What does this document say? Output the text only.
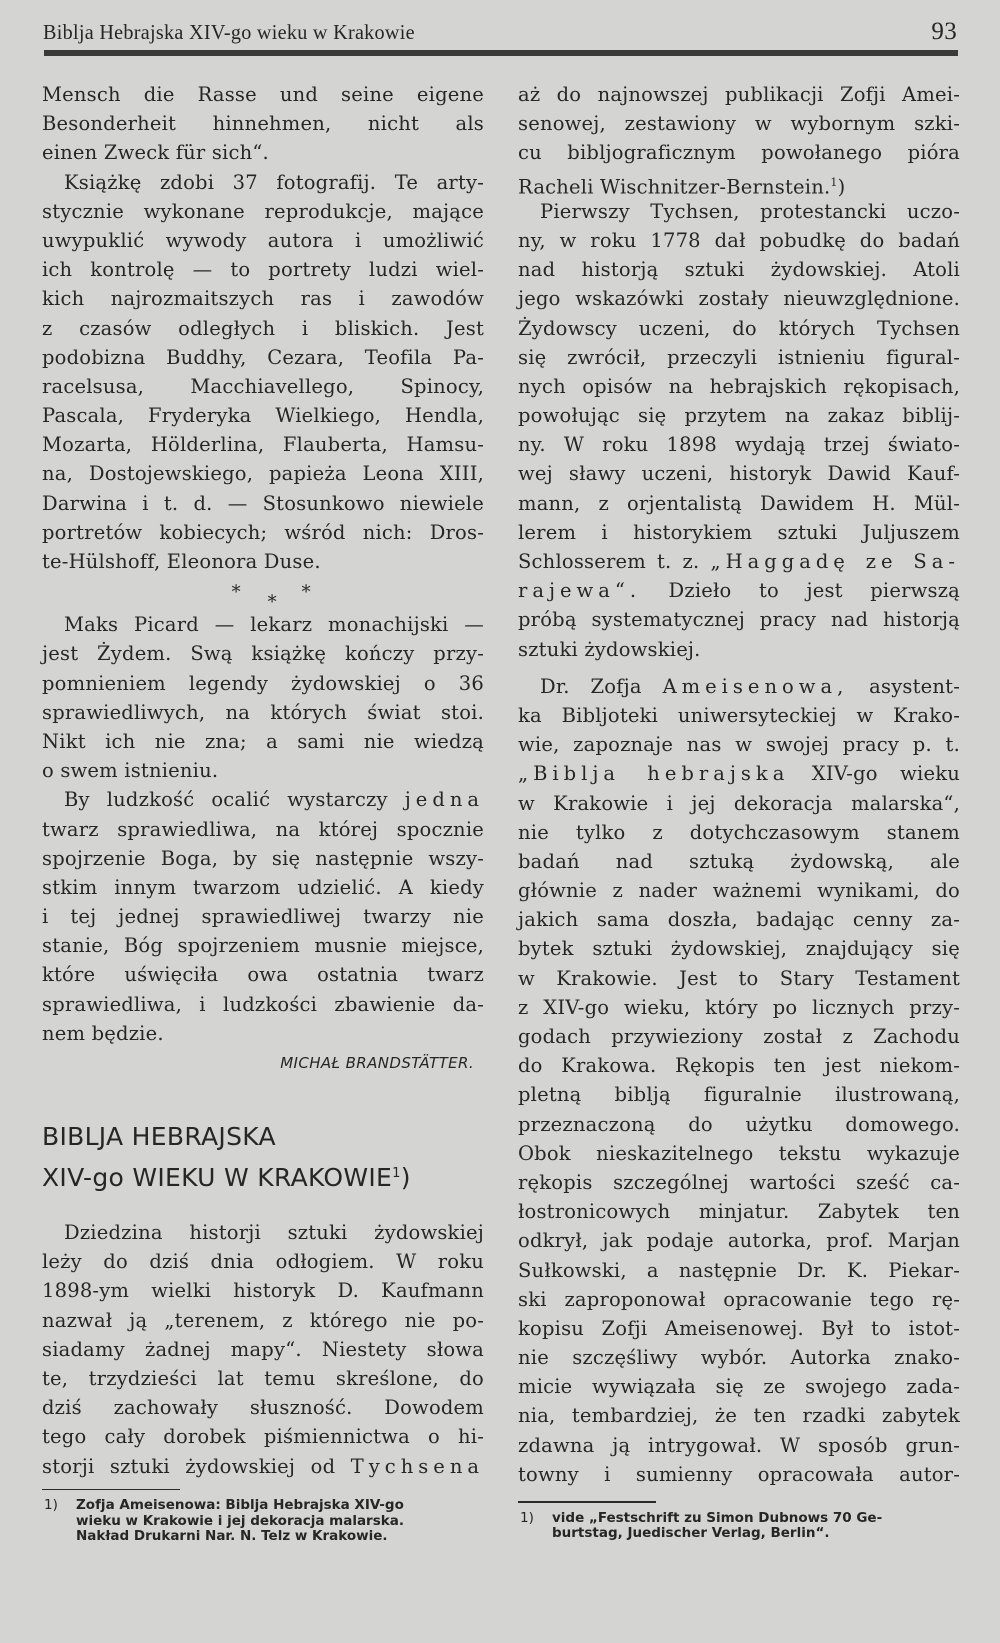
Biblja Hebrajska XIV-go wieku w Krakowie	93
Mensch die Rasse und seine eigene
Besonderheit hinnehmen, nicht als
einen Zweck für sich“.
Książkę zdobi 37 fotografij. Te arty-
stycznie wykonane reprodukcje, mające
uwypuklić wywody autora i umożliwić
ich kontrolę — to portrety ludzi wiel-
kich najrozmaitszych ras i zawodów
z czasów odległych i bliskich. Jest
podobizna Buddhy, Cezara, Teofila Pa-
racelsusa, Macchiavellego, Spinocy,
Pascala, Fryderyka Wielkiego, Hendla,
Mozarta, Hölderlina, Flauberta, Hamsu-
na, Dostojewskiego, papieża Leona XIII,
Darwina i t. d. — Stosunkowo niewiele
portretów kobiecych; wśród nich: Dros-
te-Hülshoff, Eleonora Duse.
∗ ∗ ∗
Maks Picard — lekarz monachijski —
jest Żydem. Swą książkę kończy przy-
pomnieniem legendy żydowskiej o 36
sprawiedliwych, na których świat stoi.
Nikt ich nie zna; a sami nie wiedzą
o swem istnieniu.
By ludzkość ocalić wystarczy jedna
twarz sprawiedliwa, na której spocznie
spojrzenie Boga, by się następnie wszy-
stkim innym twarzom udzielić. A kiedy
i tej jednej sprawiedliwej twarzy nie
stanie, Bóg spojrzeniem musnie miejsce,
które uświęciła owa ostatnia twarz
sprawiedliwa, i ludzkości zbawienie da-
nem będzie.
MICHAŁ BRANDSTÄTTER.
BIBLJA HEBRAJSKA
XIV-go WIEKU W KRAKOWIE$^1$)
Dziedzina historji sztuki żydowskiej
leży do dziś dnia odłogiem. W roku
1898-ym wielki historyk D. Kaufmann
nazwał ją „terenem, z którego nie po-
siadamy żadnej mapy“. Niestety słowa
te, trzydzieści lat temu skreślone, do
dziś zachowały słuszność. Dowodem
tego cały dorobek piśmiennictwa o hi-
storji sztuki żydowskiej od Tychsena
1) Zofja Ameisenowa: Biblja Hebrajska XIV-go
wieku w Krakowie i jej dekoracja malarska.
Nakład Drukarni Nar. N. Telz w Krakowie.
aż do najnowszej publikacji Zofji Amei-
senowej, zestawiony w wybornym szki-
cu bibljograficznym powołanego pióra
Racheli Wischnitzer-Bernstein.$^1$)
Pierwszy Tychsen, protestancki uczo-
ny, w roku 1778 dał pobudkę do badań
nad historją sztuki żydowskiej. Atoli
jego wskazówki zostały nieuwzględnione.
Żydowscy uczeni, do których Tychsen
się zwrócił, przeczyli istnieniu figural-
nych opisów na hebrajskich rękopisach,
powołując się przytem na zakaz biblij-
ny. W roku 1898 wydają trzej świato-
wej sławy uczeni, historyk Dawid Kauf-
mann, z orjentalistą Dawidem H. Mül-
lerem i historykiem sztuki Juljuszem
Schlosserem t. z. „Haggadę ze Sa-
rajewa“. Dzieło to jest pierwszą
próbą systematycznej pracy nad historją
sztuki żydowskiej.
Dr. Zofja Ameisenowa, asystent-
ka Bibljoteki uniwersyteckiej w Krako-
wie, zapoznaje nas w swojej pracy p. t.
„Biblja hebrajska XIV-go wieku
w Krakowie i jej dekoracja malarska“,
nie tylko z dotychczasowym stanem
badań nad sztuką żydowską, ale
głównie z nader ważnemi wynikami, do
jakich sama doszła, badając cenny za-
bytek sztuki żydowskiej, znajdujący się
w Krakowie. Jest to Stary Testament
z XIV-go wieku, który po licznych przy-
godach przywieziony został z Zachodu
do Krakowa. Rękopis ten jest niekom-
pletną biblją figuralnie ilustrowaną,
przeznaczoną do użytku domowego.
Obok nieskazitelnego tekstu wykazuje
rękopis szczególnej wartości sześć ca-
łostronicowych minjatur. Zabytek ten
odkrył, jak podaje autorka, prof. Marjan
Sułkowski, a następnie Dr. K. Piekar-
ski zaproponował opracowanie tego rę-
kopisu Zofji Ameisenowej. Był to istot-
nie szczęśliwy wybór. Autorka znako-
micie wywiązała się ze swojego zada-
nia, tembardziej, że ten rzadki zabytek
zdawna ją intrygował. W sposób grun-
towny i sumienny opracowała autor-
1) vide „Festschrift zu Simon Dubnows 70 Ge-
burtstag, Juedischer Verlag, Berlin“.
